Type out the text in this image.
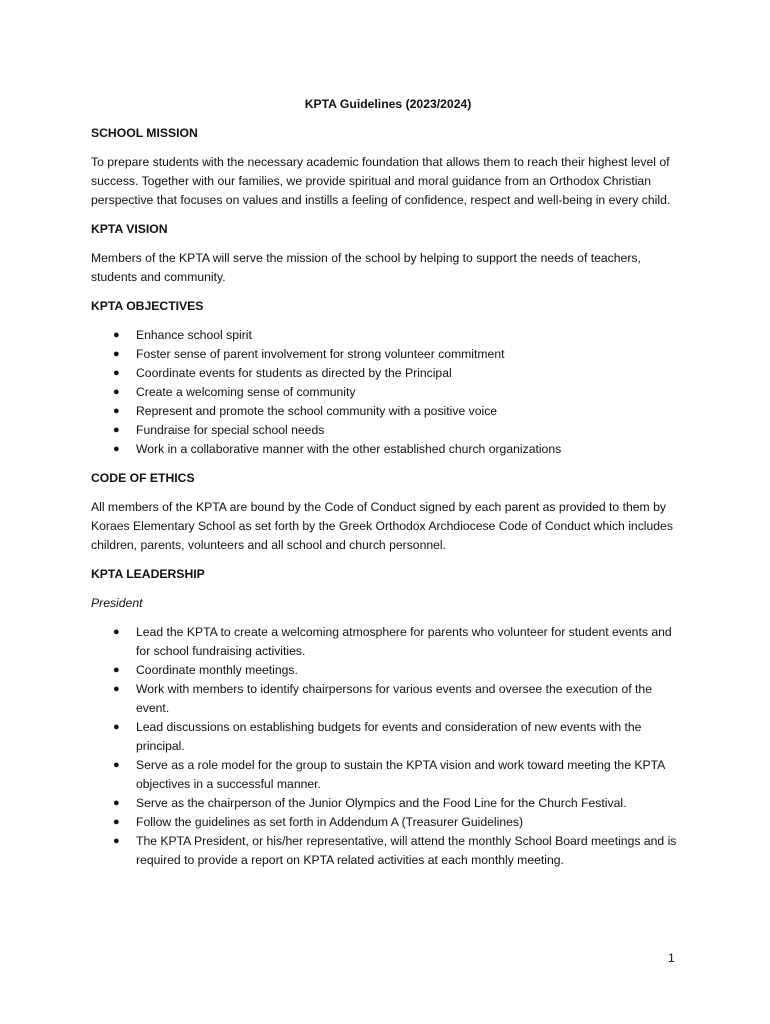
KPTA Guidelines (2023/2024)
SCHOOL MISSION
To prepare students with the necessary academic foundation that allows them to reach their highest level of success. Together with our families, we provide spiritual and moral guidance from an Orthodox Christian perspective that focuses on values and instills a feeling of confidence, respect and well-being in every child.
KPTA VISION
Members of the KPTA will serve the mission of the school by helping to support the needs of teachers, students and community.
KPTA OBJECTIVES
● Enhance school spirit
● Foster sense of parent involvement for strong volunteer commitment
● Coordinate events for students as directed by the Principal
● Create a welcoming sense of community
● Represent and promote the school community with a positive voice
● Fundraise for special school needs
● Work in a collaborative manner with the other established church organizations
CODE OF ETHICS
All members of the KPTA are bound by the Code of Conduct signed by each parent as provided to them by Koraes Elementary School as set forth by the Greek Orthodox Archdiocese Code of Conduct which includes children, parents, volunteers and all school and church personnel.
KPTA LEADERSHIP
President
● Lead the KPTA to create a welcoming atmosphere for parents who volunteer for student events and for school fundraising activities.
● Coordinate monthly meetings.
● Work with members to identify chairpersons for various events and oversee the execution of the event.
● Lead discussions on establishing budgets for events and consideration of new events with the principal.
● Serve as a role model for the group to sustain the KPTA vision and work toward meeting the KPTA objectives in a successful manner.
● Serve as the chairperson of the Junior Olympics and the Food Line for the Church Festival.
● Follow the guidelines as set forth in Addendum A (Treasurer Guidelines)
● The KPTA President, or his/her representative, will attend the monthly School Board meetings and is required to provide a report on KPTA related activities at each monthly meeting.
1
